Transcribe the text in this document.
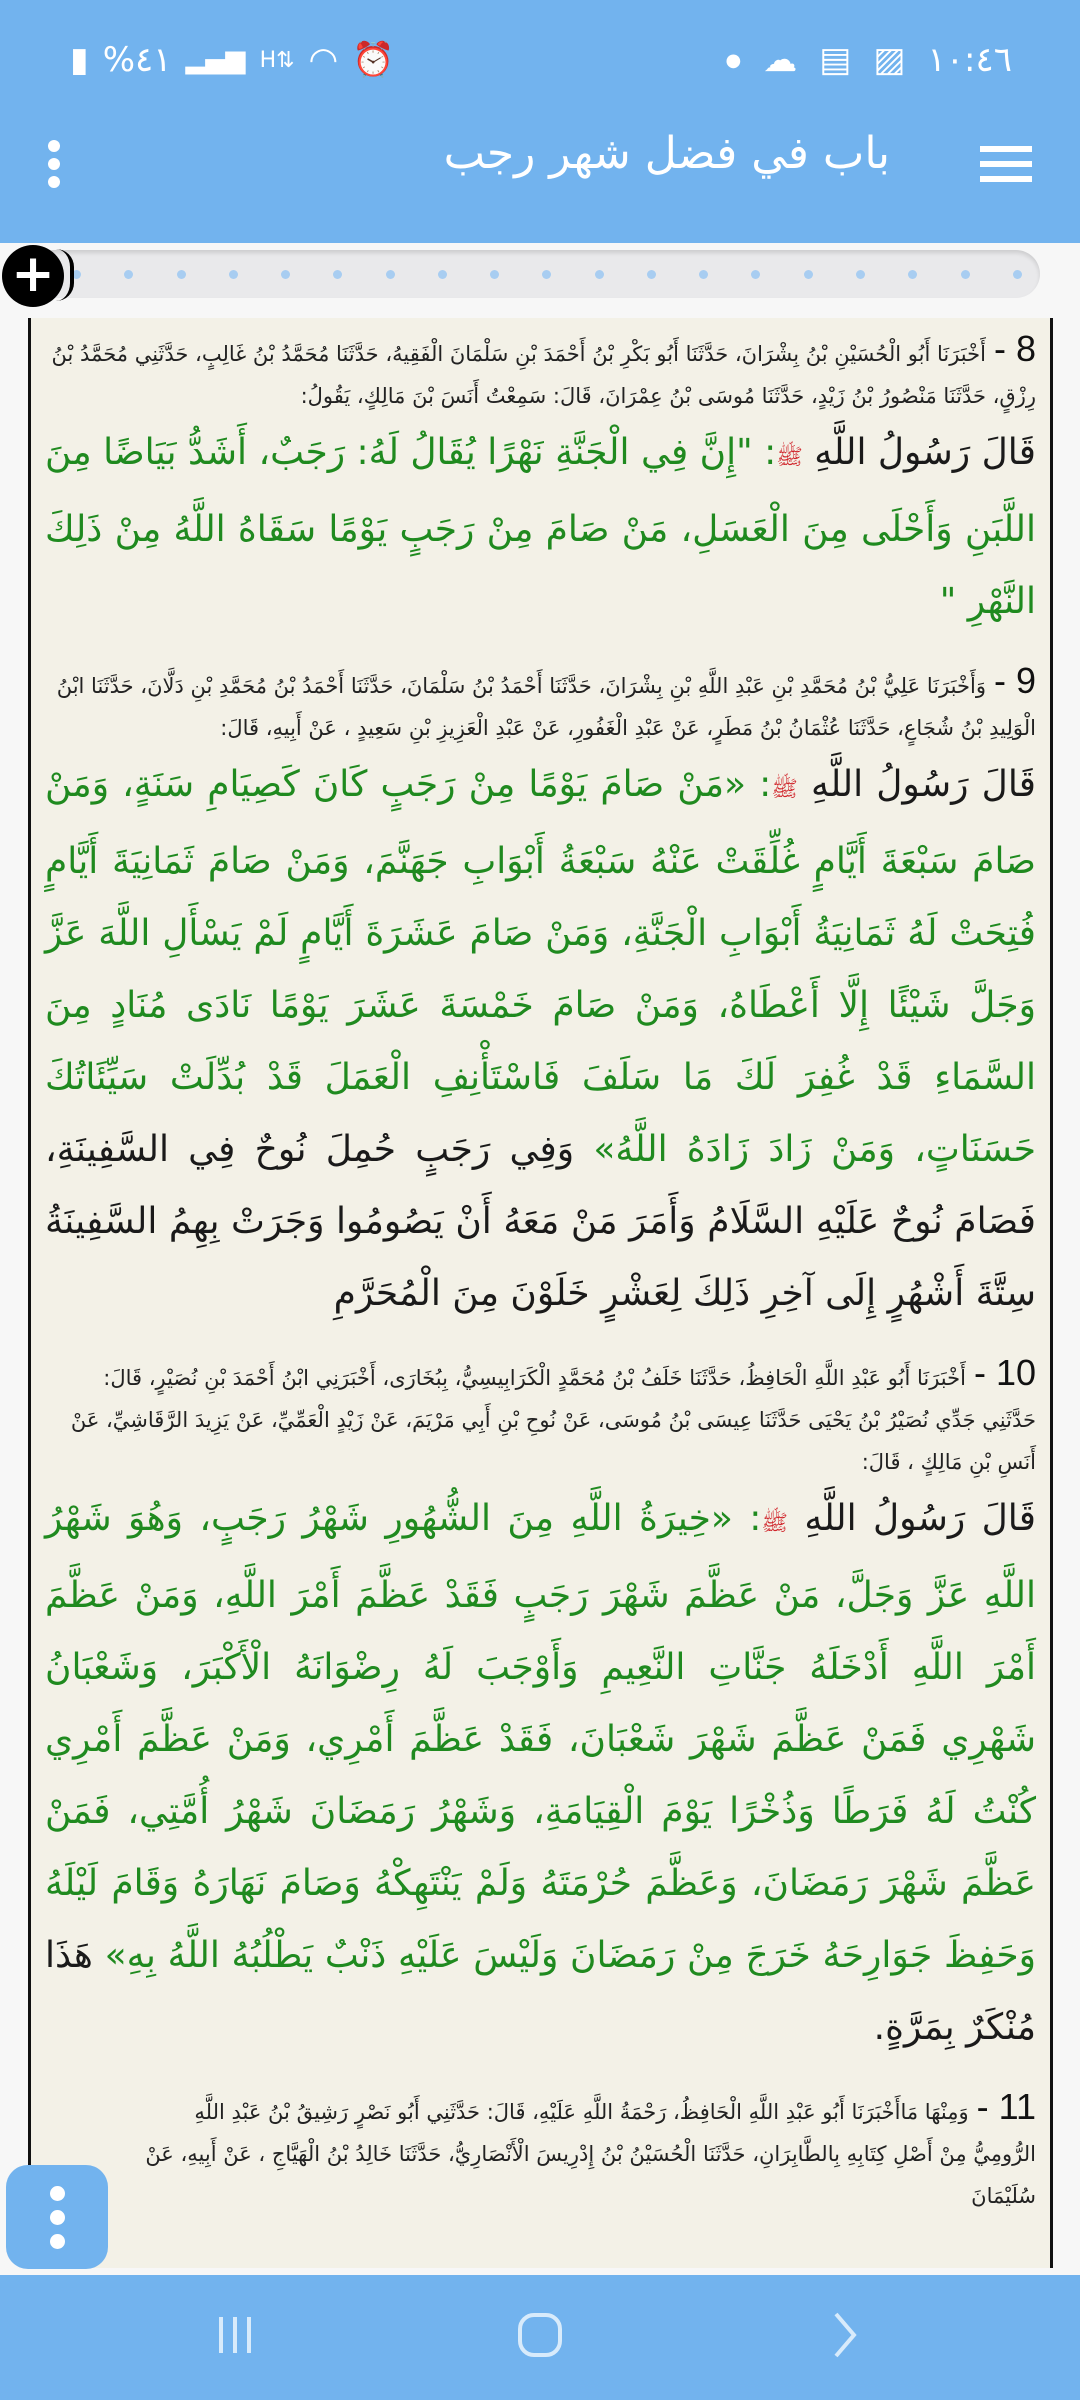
▮ %٤١ ▂▄▆ H⇅ ◠ ⏰	● ☁ ▤ ▨ ١٠:٤٦
باب في فضل شهر رجب
+
8 -أَخْبَرَنَا أَبُو الْحُسَيْنِ بْنُ بِشْرَانَ، حَدَّثَنَا أَبُو بَكْرِ بْنُ أَحْمَدَ بْنِ سَلْمَانَ الْفَقِيهُ، حَدَّثَنَا مُحَمَّدُ بْنُ غَالِبٍ، حَدَّثَنِي مُحَمَّدُ بْنُ رِزْقٍ، حَدَّثَنَا مَنْصُورُ بْنُ زَيْدٍ، حَدَّثَنَا مُوسَى بْنُ عِمْرَانَ، قَالَ: سَمِعْتُ أَنَسَ بْنَ مَالِكٍ، يَقُولُ:
قَالَ رَسُولُ اللَّهِ ﷺ: "إِنَّ فِي الْجَنَّةِ نَهْرًا يُقَالُ لَهُ: رَجَبٌ، أَشَدُّ بَيَاضًا مِنَ اللَّبَنِ وَأَحْلَى مِنَ الْعَسَلِ، مَنْ صَامَ مِنْ رَجَبٍ يَوْمًا سَقَاهُ اللَّهُ مِنْ ذَلِكَ النَّهْرِ "
9 -وَأَخْبَرَنَا عَلِيُّ بْنُ مُحَمَّدِ بْنِ عَبْدِ اللَّهِ بْنِ بِشْرَانَ، حَدَّثَنَا أَحْمَدُ بْنُ سَلْمَانَ، حَدَّثَنَا أَحْمَدُ بْنُ مُحَمَّدِ بْنِ دَلَّانَ، حَدَّثَنَا ابْنُ الْوَلِيدِ بْنُ شُجَاعٍ، حَدَّثَنَا عُثْمَانُ بْنُ مَطَرٍ، عَنْ عَبْدِ الْغَفُورِ، عَنْ عَبْدِ الْعَزِيزِ بْنِ سَعِيدٍ ، عَنْ أَبِيهِ، قَالَ:
قَالَ رَسُولُ اللَّهِ ﷺ: «مَنْ صَامَ يَوْمًا مِنْ رَجَبٍ كَانَ كَصِيَامِ سَنَةٍ، وَمَنْ صَامَ سَبْعَةَ أَيَّامٍ غُلِّقَتْ عَنْهُ سَبْعَةُ أَبْوَابِ جَهَنَّمَ، وَمَنْ صَامَ ثَمَانِيَةَ أَيَّامٍ فُتِحَتْ لَهُ ثَمَانِيَةُ أَبْوَابِ الْجَنَّةِ، وَمَنْ صَامَ عَشَرَةَ أَيَّامٍ لَمْ يَسْأَلِ اللَّهَ عَزَّ وَجَلَّ شَيْئًا إِلَّا أَعْطَاهُ، وَمَنْ صَامَ خَمْسَةَ عَشَرَ يَوْمًا نَادَى مُنَادٍ مِنَ السَّمَاءِ قَدْ غُفِرَ لَكَ مَا سَلَفَ فَاسْتَأْنِفِ الْعَمَلَ قَدْ بُدِّلَتْ سَيِّئَاتُكَ حَسَنَاتٍ، وَمَنْ زَادَ زَادَهُ اللَّهُ» وَفِي رَجَبٍ حُمِلَ نُوحٌ فِي السَّفِينَةِ، فَصَامَ نُوحٌ عَلَيْهِ السَّلَامُ وَأَمَرَ مَنْ مَعَهُ أَنْ يَصُومُوا وَجَرَتْ بِهِمُ السَّفِينَةُ سِتَّةَ أَشْهُرٍ إِلَى آخِرِ ذَلِكَ لِعَشْرٍ خَلَوْنَ مِنَ الْمُحَرَّمِ
10 -أَخْبَرَنَا أَبُو عَبْدِ اللَّهِ الْحَافِظُ، حَدَّثَنَا خَلَفُ بْنُ مُحَمَّدٍ الْكَرَابِيسِيُّ، بِبُخَارَى، أَخْبَرَنِي ابْنُ أَحْمَدَ بْنِ نُصَيْرٍ، قَالَ: حَدَّثَنِي جَدِّي نُصَيْرُ بْنُ يَحْيَى حَدَّثَنَا عِيسَى بْنُ مُوسَى، عَنْ نُوحِ بْنِ أَبِي مَرْيَمَ، عَنْ زَيْدٍ الْعَمِّيِّ، عَنْ يَزِيدَ الرَّقَاشِيِّ، عَنْ أَنَسِ بْنِ مَالِكٍ ، قَالَ:
قَالَ رَسُولُ اللَّهِ ﷺ: «خِيرَةُ اللَّهِ مِنَ الشُّهُورِ شَهْرُ رَجَبٍ، وَهُوَ شَهْرُ اللَّهِ عَزَّ وَجَلَّ، مَنْ عَظَّمَ شَهْرَ رَجَبٍ فَقَدْ عَظَّمَ أَمْرَ اللَّهِ، وَمَنْ عَظَّمَ أَمْرَ اللَّهِ أَدْخَلَهُ جَنَّاتِ النَّعِيمِ وَأَوْجَبَ لَهُ رِضْوَانَهُ الْأَكْبَرَ، وَشَعْبَانُ شَهْرِي فَمَنْ عَظَّمَ شَهْرَ شَعْبَانَ، فَقَدْ عَظَّمَ أَمْرِي، وَمَنْ عَظَّمَ أَمْرِي كُنْتُ لَهُ فَرَطًا وَذُخْرًا يَوْمَ الْقِيَامَةِ، وَشَهْرُ رَمَضَانَ شَهْرُ أُمَّتِي، فَمَنْ عَظَّمَ شَهْرَ رَمَضَانَ، وَعَظَّمَ حُرْمَتَهُ وَلَمْ يَنْتَهِكْهُ وَصَامَ نَهَارَهُ وَقَامَ لَيْلَهُ وَحَفِظَ جَوَارِحَهُ خَرَجَ مِنْ رَمَضَانَ وَلَيْسَ عَلَيْهِ ذَنْبٌ يَطْلُبُهُ اللَّهُ بِهِ» هَذَا مُنْكَرٌ بِمَرَّةٍ.
11 -وَمِنْهَا مَاأَخْبَرَنَا أَبُو عَبْدِ اللَّهِ الْحَافِظُ، رَحْمَةُ اللَّهِ عَلَيْهِ، قَالَ: حَدَّثَنِي أَبُو نَصْرٍ رَشِيقُ بْنُ عَبْدِ اللَّهِ الرُّومِيُّ مِنْ أَصْلِ كِتَابِهِ بِالطَّابِرَانِ، حَدَّثَنَا الْحُسَيْنُ بْنُ إِدْرِيسَ الْأَنْصَارِيُّ، حَدَّثَنَا خَالِدُ بْنُ الْهَيَّاجِ ، عَنْ أَبِيهِ، عَنْ سُلَيْمَانَ
